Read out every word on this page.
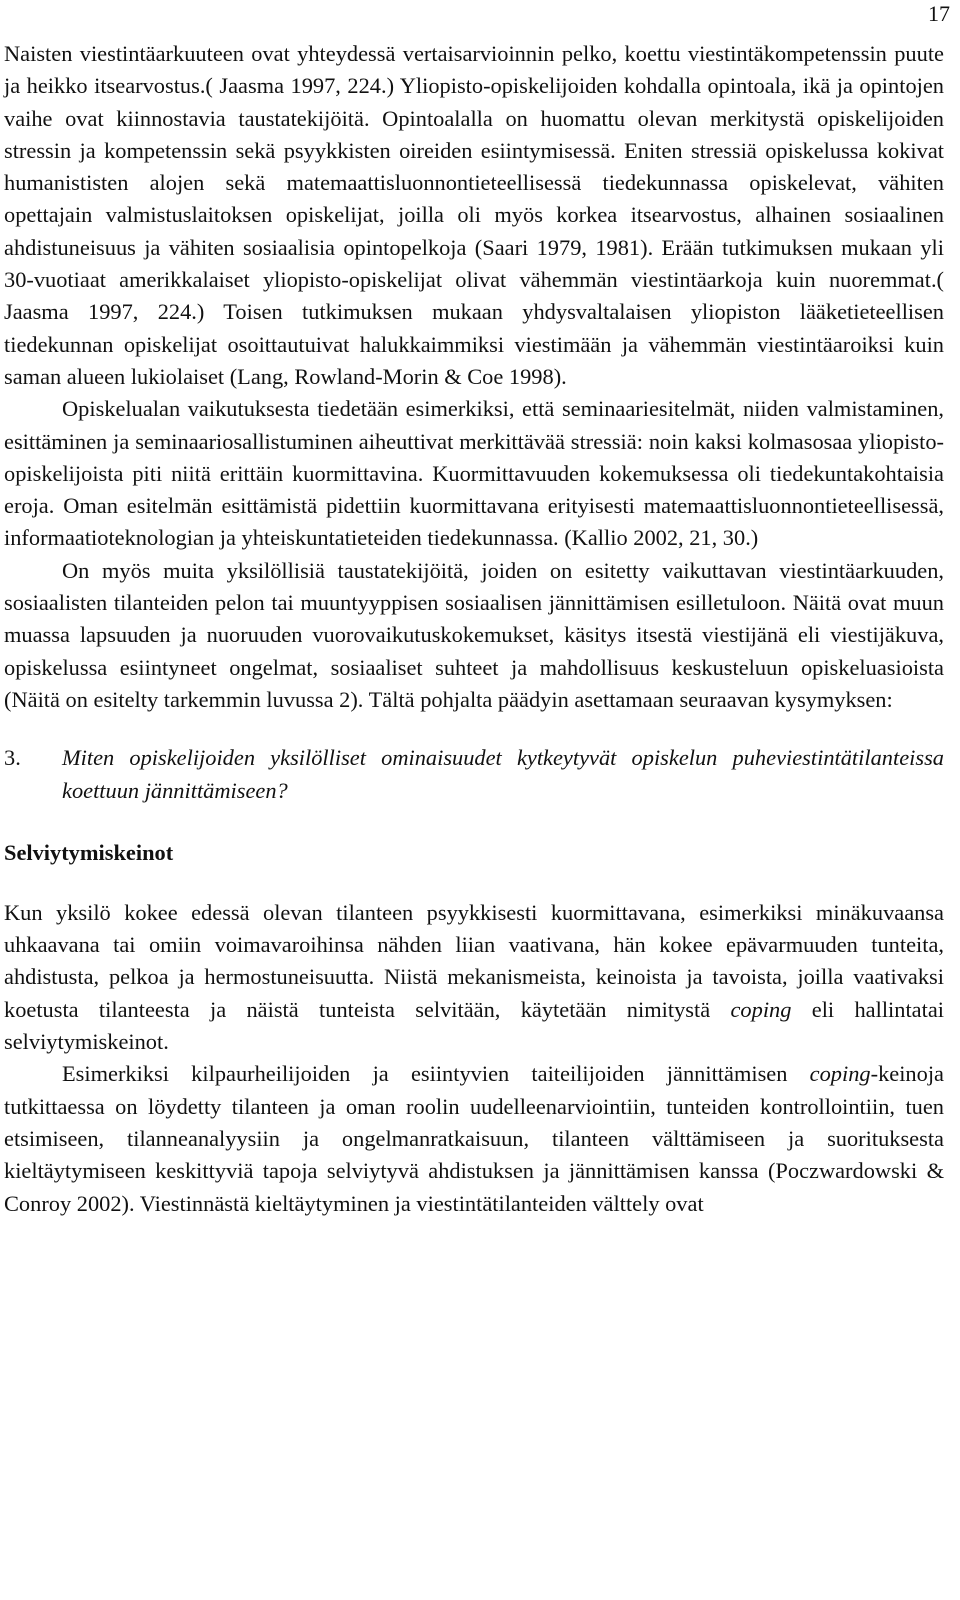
17

Naisten viestintäarkuuteen ovat yhteydessä vertaisarvioinnin pelko, koettu viestintäkompetenssin puute ja heikko itsearvostus.( Jaasma 1997, 224.) Yliopisto-opiskelijoiden kohdalla opintoala, ikä ja opintojen vaihe ovat kiinnostavia taustatekijöitä. Opintoalalla on huomattu olevan merkitystä opiskelijoiden stressin ja kompetenssin sekä psyykkisten oireiden esiintymisessä. Eniten stressiä opiskelussa kokivat humanististen alojen sekä matemaattisluonnontieteellisessä tiedekunnassa opiskelevat, vähiten opettajain valmistuslaitoksen opiskelijat, joilla oli myös korkea itsearvostus, alhainen sosiaalinen ahdistuneisuus ja vähiten sosiaalisia opintopelkoja (Saari 1979, 1981). Erään tutkimuksen mukaan yli 30-vuotiaat amerikkalaiset yliopisto-opiskelijat olivat vähemmän viestintäarkoja kuin nuoremmat.( Jaasma 1997, 224.) Toisen tutkimuksen mukaan yhdysvaltalaisen yliopiston lääketieteellisen tiedekunnan opiskelijat osoittautuivat halukkaimmiksi viestimään ja vähemmän viestintäaroiksi kuin saman alueen lukiolaiset (Lang, Rowland-Morin & Coe 1998).

Opiskelualan vaikutuksesta tiedetään esimerkiksi, että seminaariesitelmät, niiden valmistaminen, esittäminen ja seminaariosallistuminen aiheuttivat merkittävää stressiä: noin kaksi kolmasosaa yliopisto-opiskelijoista piti niitä erittäin kuormittavina. Kuormittavuuden kokemuksessa oli tiedekuntakohtaisia eroja. Oman esitelmän esittämistä pidettiin kuormittavana erityisesti matemaattisluonnontieteellisessä, informaatioteknologian ja yhteiskuntatieteiden tiedekunnassa. (Kallio 2002, 21, 30.)

On myös muita yksilöllisiä taustatekijöitä, joiden on esitetty vaikuttavan viestintäarkuuden, sosiaalisten tilanteiden pelon tai muuntyyppisen sosiaalisen jännittämisen esilletuloon. Näitä ovat muun muassa lapsuuden ja nuoruuden vuorovaikutuskokemukset, käsitys itsestä viestijänä eli viestijäkuva, opiskelussa esiintyneet ongelmat, sosiaaliset suhteet ja mahdollisuus keskusteluun opiskeluasioista (Näitä on esitelty tarkemmin luvussa 2). Tältä pohjalta päädyin asettamaan seuraavan kysymyksen:

3.	Miten opiskelijoiden yksilölliset ominaisuudet kytkeytyvät opiskelun puheviestintätilanteissa koettuun jännittämiseen?
Selviytymiskeinot

Kun yksilö kokee edessä olevan tilanteen psyykkisesti kuormittavana, esimerkiksi minäkuvaansa uhkaavana tai omiin voimavaroihinsa nähden liian vaativana, hän kokee epävarmuuden tunteita, ahdistusta, pelkoa ja hermostuneisuutta. Niistä mekanismeista, keinoista ja tavoista, joilla vaativaksi koetusta tilanteesta ja näistä tunteista selvitään, käytetään nimitystä coping eli hallintatai selviytymiskeinot.

Esimerkiksi kilpaurheilijoiden ja esiintyvien taiteilijoiden jännittämisen coping-keinoja tutkittaessa on löydetty tilanteen ja oman roolin uudelleenarviointiin, tunteiden kontrollointiin, tuen etsimiseen, tilanneanalyysiin ja ongelmanratkaisuun, tilanteen välttämiseen ja suorituksesta kieltäytymiseen keskittyviä tapoja selviytyvä ahdistuksen ja jännittämisen kanssa (Poczwardowski & Conroy 2002). Viestinnästä kieltäytyminen ja viestintätilanteiden välttely ovat
